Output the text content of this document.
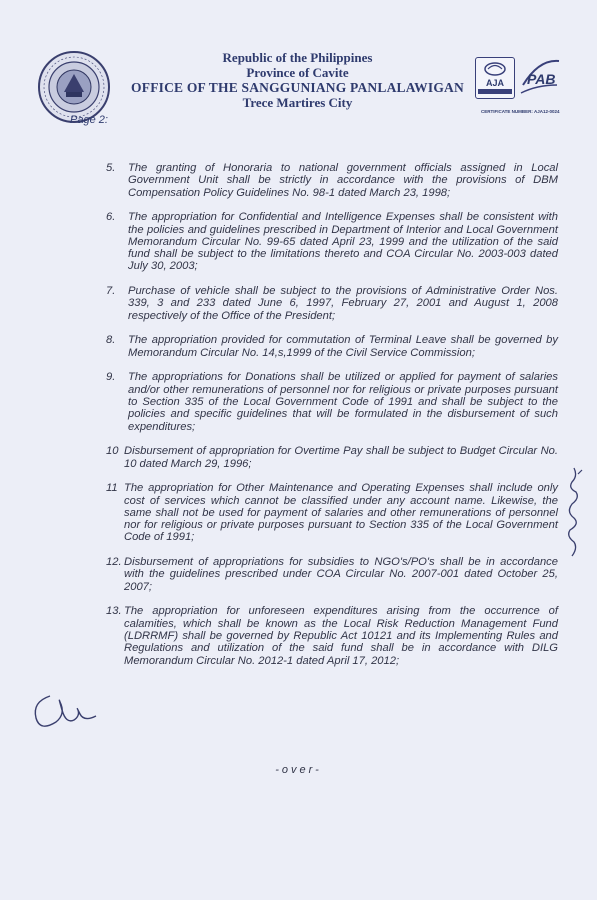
Republic of the Philippines
Province of Cavite
OFFICE OF THE SANGGUNIANG PANLALAWIGAN
Trece Martires City
Page 2:
AJA	PAB
CERTIFICATE NUMBER: AJA12-0024
5.	The granting of Honoraria to national government officials assigned in Local Government Unit shall be strictly in accordance with the provisions of DBM Compensation Policy Guidelines No. 98-1 dated March 23, 1998;
6.	The appropriation for Confidential and Intelligence Expenses shall be consistent with the policies and guidelines prescribed in Department of Interior and Local Government Memorandum Circular No. 99-65 dated April 23, 1999 and the utilization of the said fund shall be subject to the limitations thereto and COA Circular No. 2003-003 dated July 30, 2003;
7.	Purchase of vehicle shall be subject to the provisions of Administrative Order Nos. 339, 3 and 233 dated June 6, 1997, February 27, 2001 and August 1, 2008 respectively of the Office of the President;
8.	The appropriation provided for commutation of Terminal Leave shall be governed by Memorandum Circular No. 14,s,1999 of the Civil Service Commission;
9.	The appropriations for Donations shall be utilized or applied for payment of salaries and/or other remunerations of personnel nor for religious or private purposes pursuant to Section 335 of the Local Government Code of 1991 and shall be subject to the policies and specific guidelines that will be formulated in the disbursement of such expenditures;
10 Disbursement of appropriation for Overtime Pay shall be subject to Budget Circular No. 10 dated March 29, 1996;
11 The appropriation for Other Maintenance and Operating Expenses shall include only cost of services which cannot be classified under any account name. Likewise, the same shall not be used for payment of salaries and other remunerations of personnel nor for religious or private purposes pursuant to Section 335 of the Local Government Code of 1991;
12. Disbursement of appropriations for subsidies to NGO's/PO's shall be in accordance with the guidelines prescribed under COA Circular No. 2007-001 dated October 25, 2007;
13. The appropriation for unforeseen expenditures arising from the occurrence of calamities, which shall be known as the Local Risk Reduction Management Fund (LDRRMF) shall be governed by Republic Act 10121 and its Implementing Rules and Regulations and utilization of the said fund shall be in accordance with DILG Memorandum Circular No. 2012-1 dated April 17, 2012;
-over-
